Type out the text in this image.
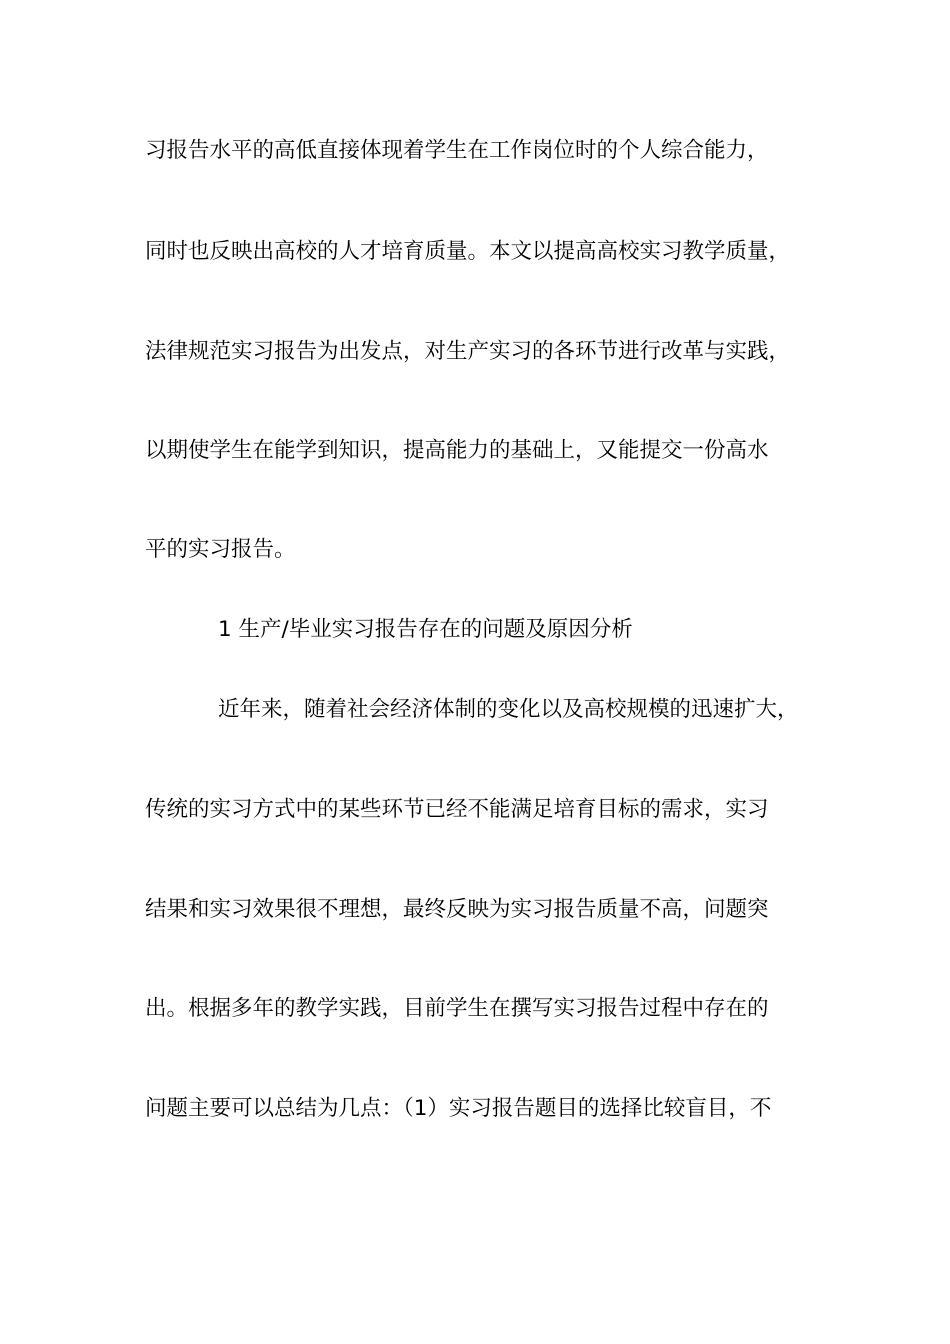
习报告水平的高低直接体现着学生在工作岗位时的个人综合能力，
同时也反映出高校的人才培育质量。本文以提高高校实习教学质量，
法律规范实习报告为出发点，对生产实习的各环节进行改革与实践，
以期使学生在能学到知识，提高能力的基础上，又能提交一份高水
平的实习报告。
1 生产/毕业实习报告存在的问题及原因分析
近年来，随着社会经济体制的变化以及高校规模的迅速扩大，
传统的实习方式中的某些环节已经不能满足培育目标的需求，实习
结果和实习效果很不理想，最终反映为实习报告质量不高，问题突
出。根据多年的教学实践，目前学生在撰写实习报告过程中存在的
问题主要可以总结为几点：（1）实习报告题目的选择比较盲目，不
